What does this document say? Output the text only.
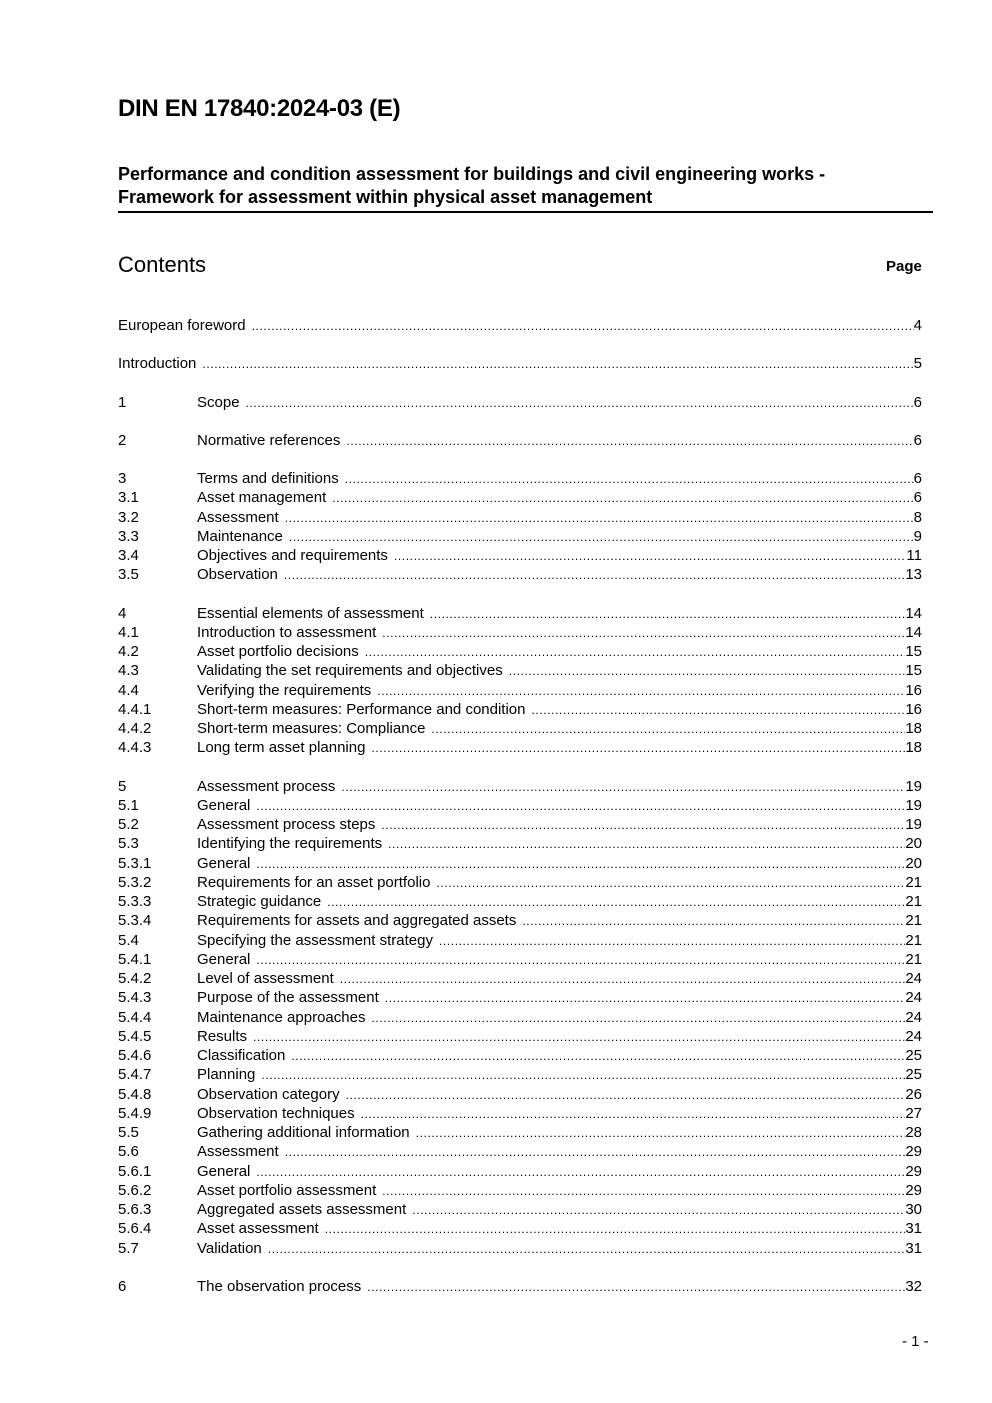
DIN EN 17840:2024-03 (E)
Performance and condition assessment for buildings and civil engineering works -
Framework for assessment within physical asset management
Contents	Page
European foreword .....	4
Introduction .....	5
1	Scope .....	6
2	Normative references .....	6
3	Terms and definitions .....	6
3.1	Asset management .....	6
3.2	Assessment .....	8
3.3	Maintenance .....	9
3.4	Objectives and requirements .....	11
3.5	Observation .....	13
4	Essential elements of assessment .....	14
4.1	Introduction to assessment .....	14
4.2	Asset portfolio decisions .....	15
4.3	Validating the set requirements and objectives .....	15
4.4	Verifying the requirements .....	16
4.4.1	Short-term measures: Performance and condition .....	16
4.4.2	Short-term measures: Compliance .....	18
4.4.3	Long term asset planning .....	18
5	Assessment process .....	19
5.1	General .....	19
5.2	Assessment process steps .....	19
5.3	Identifying the requirements .....	20
5.3.1	General .....	20
5.3.2	Requirements for an asset portfolio .....	21
5.3.3	Strategic guidance .....	21
5.3.4	Requirements for assets and aggregated assets .....	21
5.4	Specifying the assessment strategy .....	21
5.4.1	General .....	21
5.4.2	Level of assessment .....	24
5.4.3	Purpose of the assessment .....	24
5.4.4	Maintenance approaches .....	24
5.4.5	Results .....	24
5.4.6	Classification .....	25
5.4.7	Planning .....	25
5.4.8	Observation category .....	26
5.4.9	Observation techniques .....	27
5.5	Gathering additional information .....	28
5.6	Assessment .....	29
5.6.1	General .....	29
5.6.2	Asset portfolio assessment .....	29
5.6.3	Aggregated assets assessment .....	30
5.6.4	Asset assessment .....	31
5.7	Validation .....	31
6	The observation process .....	32
- 1 -
